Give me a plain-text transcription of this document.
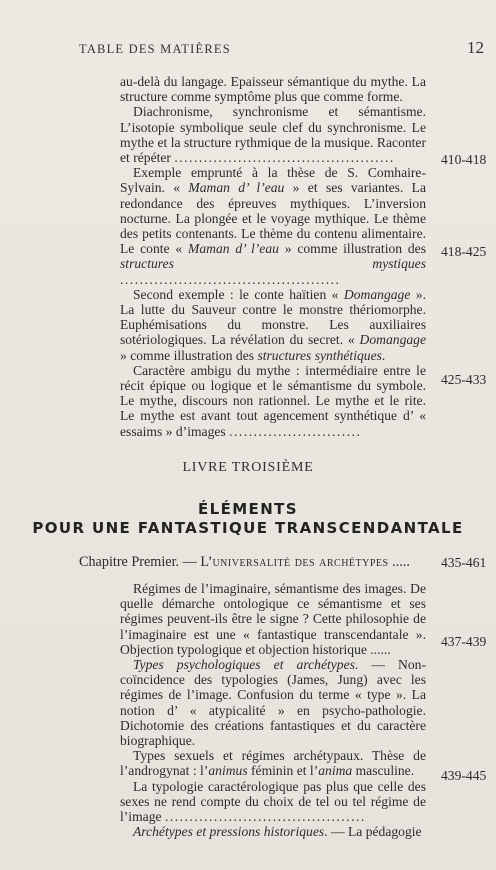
TABLE DES MATIÈRES	12

au-delà du langage. Epaisseur sémantique du mythe. La structure comme symptôme plus que comme forme.

Diachronisme, synchronisme et sémantisme. L’isotopie symbolique seule clef du synchronisme. Le mythe et la structure rythmique de la musique. Raconter et répéter .............................................

Exemple emprunté à la thèse de S. Comhaire-Sylvain. « Maman d’ l’eau » et ses variantes. La redondance des épreuves mythiques. L’inversion nocturne. La plongée et le voyage mythique. Le thème des petits contenants. Le thème du contenu alimentaire. Le conte « Maman d’ l’eau » comme illustration des structures mystiques .............................................

Second exemple : le conte haïtien « Domangage ». La lutte du Sauveur contre le monstre thériomorphe. Euphémisations du monstre. Les auxiliaires sotériologiques. La révélation du secret. « Domangage » comme illustration des structures synthétiques.

Caractère ambigu du mythe : intermédiaire entre le récit épique ou logique et le sémantisme du symbole. Le mythe, discours non rationnel. Le mythe et le rite. Le mythe est avant tout agencement synthétique d’ « essaims » d’images ...........................

410-418
418-425
425-433
LIVRE TROISIÈME
ÉLÉMENTS
POUR UNE FANTASTIQUE TRANSCENDANTALE
Chapitre Premier. — L’universalité des archétypes ..... 435-461

Régimes de l’imaginaire, sémantisme des images. De quelle démarche ontologique ce sémantisme et ses régimes peuvent-ils être le signe ? Cette philosophie de l’imaginaire est une « fantastique transcendantale ». Objection typologique et objection historique ......

Types psychologiques et archétypes. — Non-coïncidence des typologies (James, Jung) avec les régimes de l’image. Confusion du terme « type ». La notion d’ « atypicalité » en psycho-pathologie. Dichotomie des créations fantastiques et du caractère biographique.

Types sexuels et régimes archétypaux. Thèse de l’androgynat : l’animus féminin et l’anima masculine.

La typologie caractérologique pas plus que celle des sexes ne rend compte du choix de tel ou tel régime de l’image .........................................

Archétypes et pressions historiques. — La pédagogie

437-439
439-445
